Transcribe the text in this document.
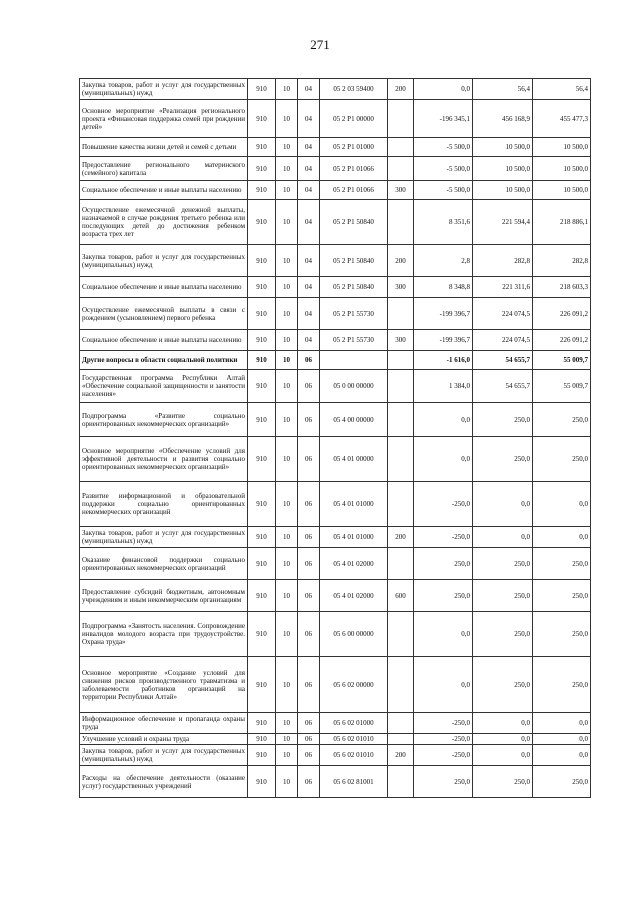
271
Закупка товаров, работ и услуг для государственных (муниципальных) нужд	910	10	04	05 2 03 59400	200	0,0	56,4	56,4
Основное мероприятие «Реализация регионального проекта «Финансовая поддержка семей при рождении детей»	910	10	04	05 2 P1 00000		-196 345,1	456 168,9	455 477,3
Повышение качества жизни детей и семей с детьми	910	10	04	05 2 P1 01000		-5 500,0	10 500,0	10 500,0
Предоставление регионального материнского (семейного) капитала	910	10	04	05 2 P1 01066		-5 500,0	10 500,0	10 500,0
Социальное обеспечение и иные выплаты населению	910	10	04	05 2 P1 01066	300	-5 500,0	10 500,0	10 500,0
Осуществление ежемесячной денежной выплаты, назначаемой в случае рождения третьего ребенка или последующих детей до достижения ребенком возраста трех лет	910	10	04	05 2 P1 50840		8 351,6	221 594,4	218 886,1
Закупка товаров, работ и услуг для государственных (муниципальных) нужд	910	10	04	05 2 P1 50840	200	2,8	282,8	282,8
Социальное обеспечение и иные выплаты населению	910	10	04	05 2 P1 50840	300	8 348,8	221 311,6	218 603,3
Осуществление ежемесячной выплаты в связи с рождением (усыновлением) первого ребенка	910	10	04	05 2 P1 55730		-199 396,7	224 074,5	226 091,2
Социальное обеспечение и иные выплаты населению	910	10	04	05 2 P1 55730	300	-199 396,7	224 074,5	226 091,2
Другие вопросы в области социальной политики	910	10	06			-1 616,0	54 655,7	55 009,7
Государственная программа Республики Алтай «Обеспечение социальной защищенности и занятости населения»	910	10	06	05 0 00 00000		1 384,0	54 655,7	55 009,7
Подпрограмма «Развитие социально ориентированных некоммерческих организаций»	910	10	06	05 4 00 00000		0,0	250,0	250,0
Основное мероприятие «Обеспечение условий для эффективной деятельности и развития социально ориентированных некоммерческих организаций»	910	10	06	05 4 01 00000		0,0	250,0	250,0
Развитие информационной и образовательной поддержки социально ориентированных некоммерческих организаций	910	10	06	05 4 01 01000		-250,0	0,0	0,0
Закупка товаров, работ и услуг для государственных (муниципальных) нужд	910	10	06	05 4 01 01000	200	-250,0	0,0	0,0
Оказание финансовой поддержки социально ориентированных некоммерческих организаций	910	10	06	05 4 01 02000		250,0	250,0	250,0
Предоставление субсидий бюджетным, автономным учреждениям и иным некоммерческим организациям	910	10	06	05 4 01 02000	600	250,0	250,0	250,0
Подпрограмма «Занятость населения. Сопровождение инвалидов молодого возраста при трудоустройстве. Охрана труда»	910	10	06	05 6 00 00000		0,0	250,0	250,0
Основное мероприятие «Создание условий для снижения рисков производственного травматизма и заболеваемости работников организаций на территории Республики Алтай»	910	10	06	05 6 02 00000		0,0	250,0	250,0
Информационное обеспечение и пропаганда охраны труда	910	10	06	05 6 02 01000		-250,0	0,0	0,0
Улучшение условий и охраны труда	910	10	06	05 6 02 01010		-250,0	0,0	0,0
Закупка товаров, работ и услуг для государственных (муниципальных) нужд	910	10	06	05 6 02 01010	200	-250,0	0,0	0,0
Расходы на обеспечение деятельности (оказание услуг) государственных учреждений	910	10	06	05 6 02 81001		250,0	250,0	250,0
